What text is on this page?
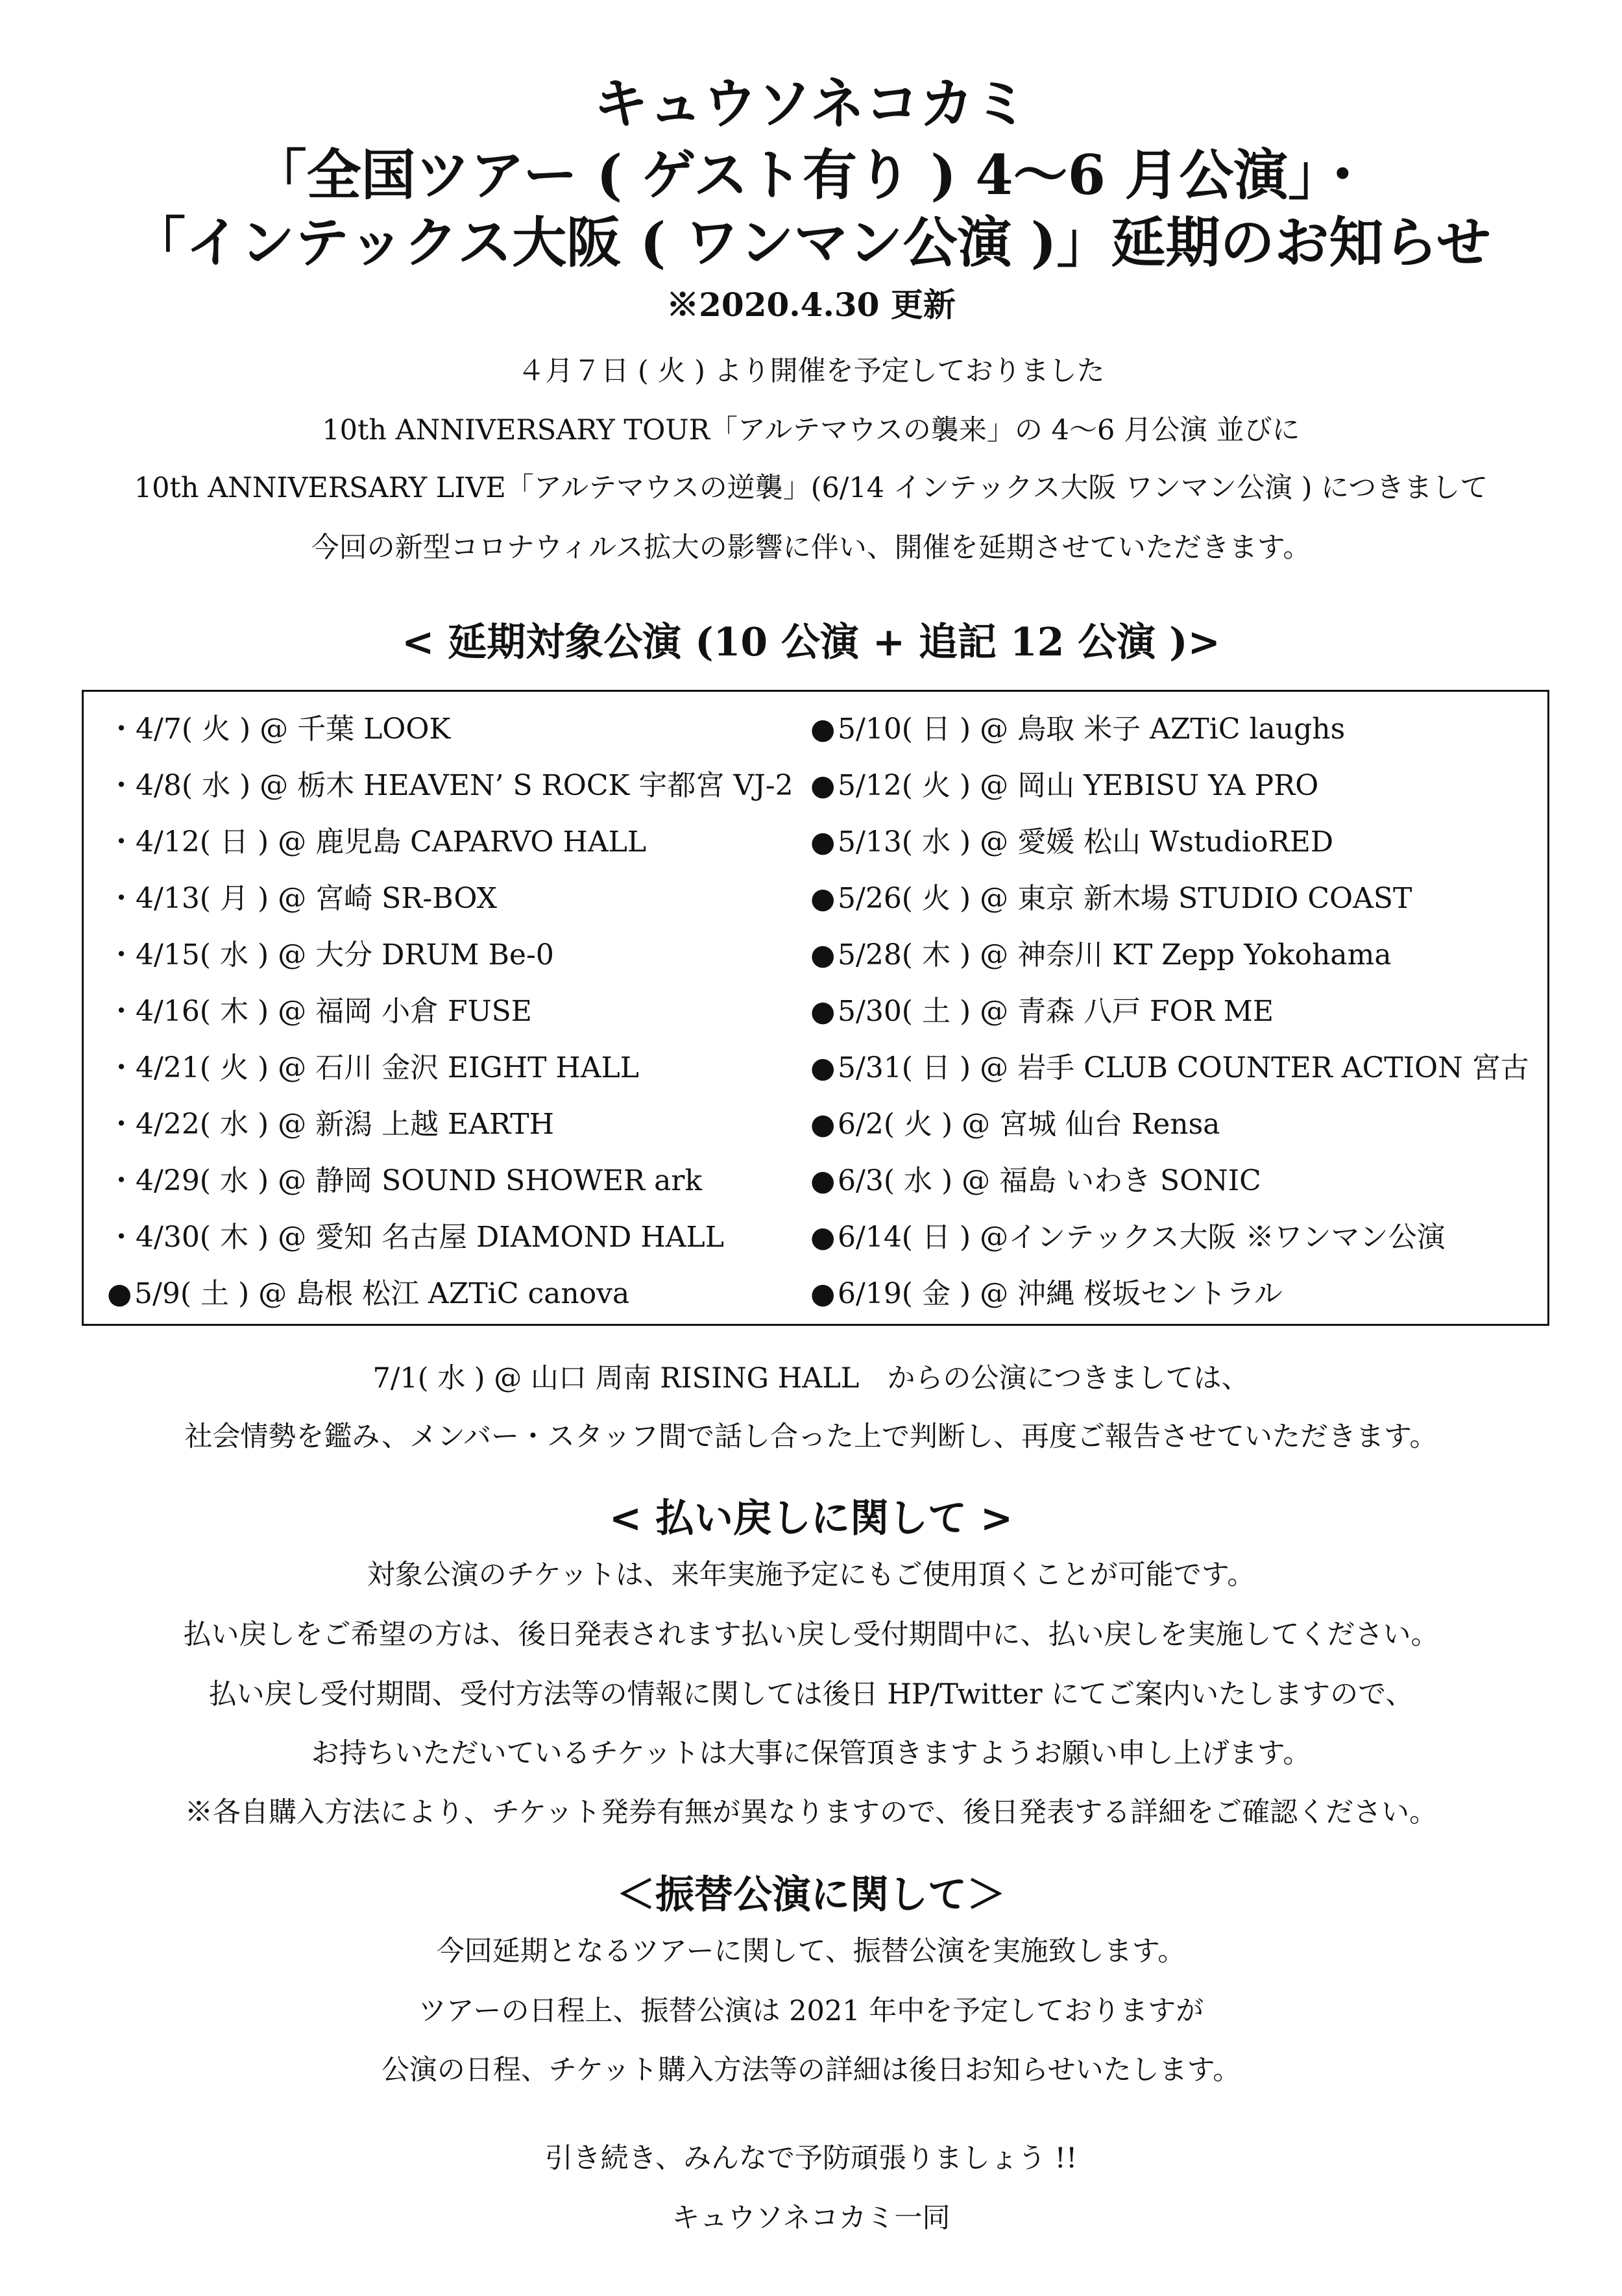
キュウソネコカミ
「全国ツアー ( ゲスト有り ) 4〜6 月公演」・
「インテックス大阪 ( ワンマン公演 )」延期のお知らせ
※2020.4.30 更新
４月７日 ( 火 ) より開催を予定しておりました
10th ANNIVERSARY TOUR「アルテマウスの襲来」の 4〜6 月公演 並びに
10th ANNIVERSARY LIVE「アルテマウスの逆襲」(6/14 インテックス大阪 ワンマン公演 ) につきまして
今回の新型コロナウィルス拡大の影響に伴い、開催を延期させていただきます。
< 延期対象公演 (10 公演 + 追記 12 公演 )>
・4/7( 火 ) @ 千葉 LOOK
・4/8( 水 ) @ 栃木 HEAVEN’ S ROCK 宇都宮 VJ-2
・4/12( 日 ) @ 鹿児島 CAPARVO HALL
・4/13( 月 ) @ 宮崎 SR-BOX
・4/15( 水 ) @ 大分 DRUM Be-0
・4/16( 木 ) @ 福岡 小倉 FUSE
・4/21( 火 ) @ 石川 金沢 EIGHT HALL
・4/22( 水 ) @ 新潟 上越 EARTH
・4/29( 水 ) @ 静岡 SOUND SHOWER ark
・4/30( 木 ) @ 愛知 名古屋 DIAMOND HALL
●5/9( 土 ) @ 島根 松江 AZTiC canova
●5/10( 日 ) @ 鳥取 米子 AZTiC laughs
●5/12( 火 ) @ 岡山 YEBISU YA PRO
●5/13( 水 ) @ 愛媛 松山 WstudioRED
●5/26( 火 ) @ 東京 新木場 STUDIO COAST
●5/28( 木 ) @ 神奈川 KT Zepp Yokohama
●5/30( 土 ) @ 青森 八戸 FOR ME
●5/31( 日 ) @ 岩手 CLUB COUNTER ACTION 宮古
●6/2( 火 ) @ 宮城 仙台 Rensa
●6/3( 水 ) @ 福島 いわき SONIC
●6/14( 日 ) @インテックス大阪 ※ワンマン公演
●6/19( 金 ) @ 沖縄 桜坂セントラル
7/1( 水 ) @ 山口 周南 RISING HALL　からの公演につきましては、
社会情勢を鑑み、メンバー・スタッフ間で話し合った上で判断し、再度ご報告させていただきます。
< 払い戻しに関して >
対象公演のチケットは、来年実施予定にもご使用頂くことが可能です。
払い戻しをご希望の方は、後日発表されます払い戻し受付期間中に、払い戻しを実施してください。
払い戻し受付期間、受付方法等の情報に関しては後日 HP/Twitter にてご案内いたしますので、
お持ちいただいているチケットは大事に保管頂きますようお願い申し上げます。
※各自購入方法により、チケット発券有無が異なりますので、後日発表する詳細をご確認ください。
＜振替公演に関して＞
今回延期となるツアーに関して、振替公演を実施致します。
ツアーの日程上、振替公演は 2021 年中を予定しておりますが
公演の日程、チケット購入方法等の詳細は後日お知らせいたします。
引き続き、みんなで予防頑張りましょう !!
キュウソネコカミ一同
